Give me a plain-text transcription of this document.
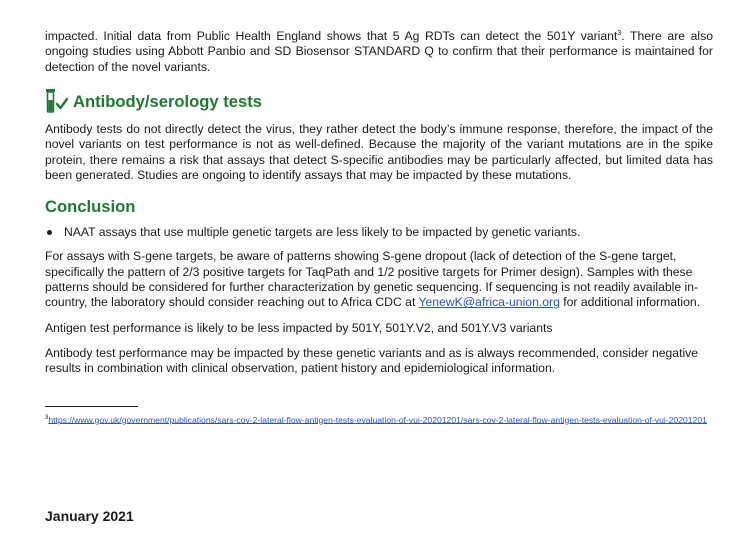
impacted. Initial data from Public Health England shows that 5 Ag RDTs can detect the 501Y variant$^3$. There are also ongoing studies using Abbott Panbio and SD Biosensor STANDARD Q to confirm that their performance is maintained for detection of the novel variants.

Antibody/serology tests

Antibody tests do not directly detect the virus, they rather detect the body’s immune response, therefore, the impact of the novel variants on test performance is not as well-defined. Because the majority of the variant mutations are in the spike protein, there remains a risk that assays that detect S-specific antibodies may be particularly affected, but limited data has been generated. Studies are ongoing to identify assays that may be impacted by these mutations.

Conclusion

NAAT assays that use multiple genetic targets are less likely to be impacted by genetic variants.

For assays with S-gene targets, be aware of patterns showing S-gene dropout (lack of detection of the S-gene target, specifically the pattern of 2/3 positive targets for TaqPath and 1/2 positive targets for Primer design). Samples with these patterns should be considered for further characterization by genetic sequencing. If sequencing is not readily available in-country, the laboratory should consider reaching out to Africa CDC at YenewK@africa-union.org for additional information.

Antigen test performance is likely to be less impacted by 501Y, 501Y.V2, and 501Y.V3 variants

Antibody test performance may be impacted by these genetic variants and as is always recommended, consider negative results in combination with clinical observation, patient history and epidemiological information.

$^3$https://www.gov.uk/government/publications/sars-cov-2-lateral-flow-antigen-tests-evaluation-of-vui-20201201/sars-cov-2-lateral-flow-antigen-tests-evaluation-of-vui-20201201

January 2021
